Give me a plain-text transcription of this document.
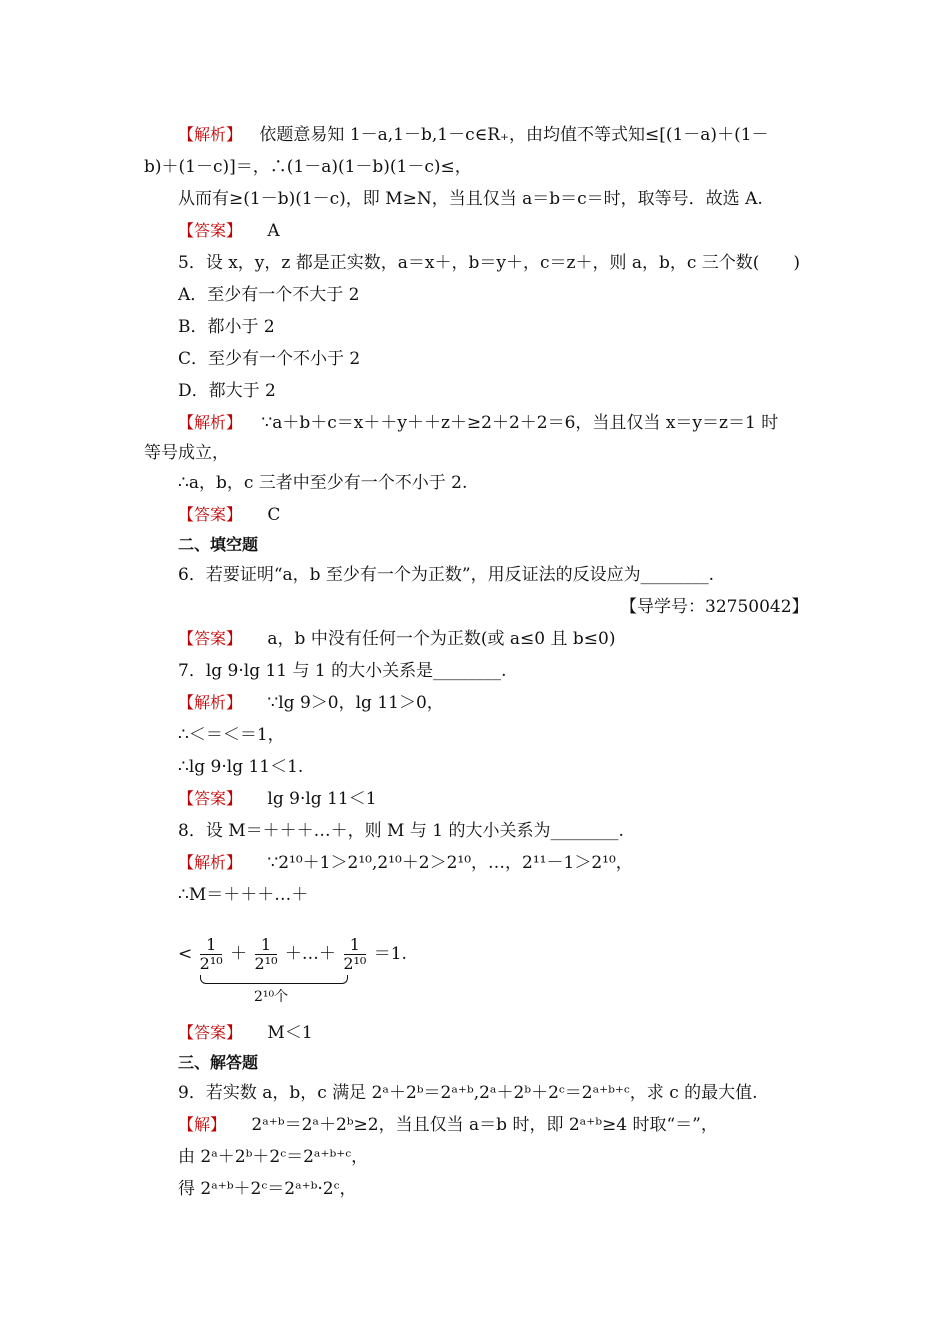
【解析】 依题意易知 1－a,1－b,1－c∈R₊，由均值不等式知≤[(1－a)＋(1－
b)＋(1－c)]＝，∴(1－a)(1－b)(1－c)≤，
从而有≥(1－b)(1－c)，即 M≥N，当且仅当 a＝b＝c＝时，取等号．故选 A.
【答案】 A
5．设 x，y，z 都是正实数，a＝x＋，b＝y＋，c＝z＋，则 a，b，c 三个数(　　)
A．至少有一个不大于 2
B．都小于 2
C．至少有一个不小于 2
D．都大于 2
【解析】 ∵a＋b＋c＝x＋＋y＋＋z＋≥2＋2＋2＝6，当且仅当 x＝y＝z＝1 时
等号成立，
∴a，b，c 三者中至少有一个不小于 2.
【答案】 C
二、填空题
6．若要证明“a，b 至少有一个为正数”，用反证法的反设应为________.
【导学号：32750042】
【答案】 a，b 中没有任何一个为正数(或 a≤0 且 b≤0)
7．lg 9·lg 11 与 1 的大小关系是________.
【解析】 ∵lg 9＞0，lg 11＞0，
∴＜＝＜＝1，
∴lg 9·lg 11＜1.
【答案】 lg 9·lg 11＜1
8．设 M＝＋＋＋…＋，则 M 与 1 的大小关系为________.
【解析】 ∵2¹⁰＋1＞2¹⁰,2¹⁰＋2＞2¹⁰，…，2¹¹－1＞2¹⁰，
∴M＝＋＋＋…＋
< $\frac{1}{\text{2¹⁰}} + \frac{1}{\text{2¹⁰}}$ ＋…＋ $\frac{1}{\text{2¹⁰}} =1$.
2¹⁰个
【答案】 M＜1
三、解答题
9．若实数 a，b，c 满足 2ᵃ＋2ᵇ＝2ᵃ⁺ᵇ,2ᵃ＋2ᵇ＋2ᶜ＝2ᵃ⁺ᵇ⁺ᶜ，求 c 的最大值.
【解】 2ᵃ⁺ᵇ＝2ᵃ＋2ᵇ≥2，当且仅当 a＝b 时，即 2ᵃ⁺ᵇ≥4 时取“＝”，
由 2ᵃ＋2ᵇ＋2ᶜ＝2ᵃ⁺ᵇ⁺ᶜ，
得 2ᵃ⁺ᵇ＋2ᶜ＝2ᵃ⁺ᵇ·2ᶜ，
